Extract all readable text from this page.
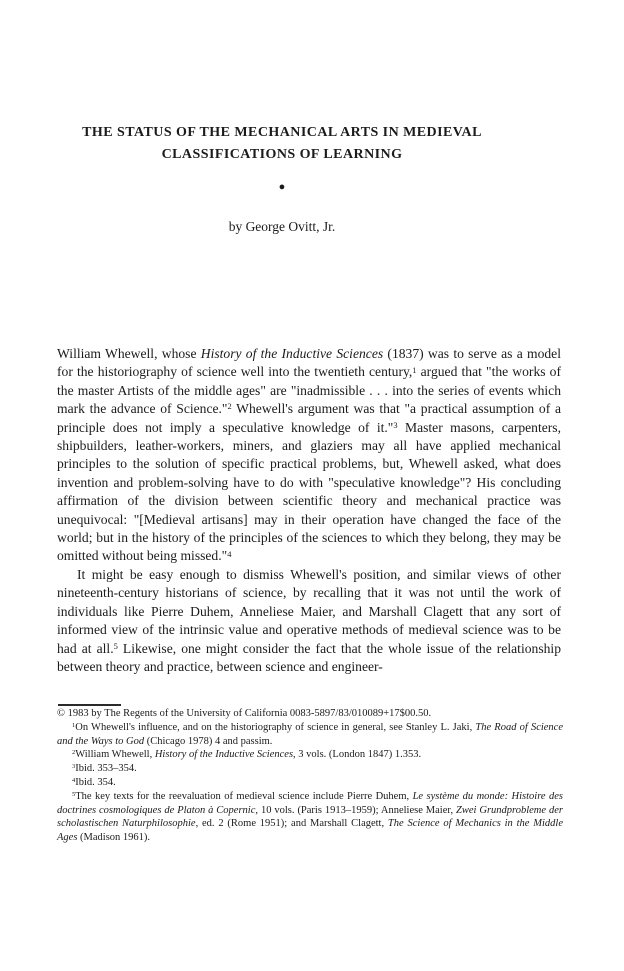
THE STATUS OF THE MECHANICAL ARTS IN MEDIEVAL
CLASSIFICATIONS OF LEARNING
●
by George Ovitt, Jr.

William Whewell, whose History of the Inductive Sciences (1837) was to serve as a model for the historiography of science well into the twentieth century,$^1$ argued that "the works of the master Artists of the middle ages" are "inadmissible . . . into the series of events which mark the advance of Science."$^2$ Whewell's argument was that "a practical assumption of a principle does not imply a speculative knowledge of it."$^3$ Master masons, carpenters, shipbuilders, leather-workers, miners, and glaziers may all have applied mechanical principles to the solution of specific practical problems, but, Whewell asked, what does invention and problem-solving have to do with "speculative knowledge"? His concluding affirmation of the division between scientific theory and mechanical practice was unequivocal: "[Medieval artisans] may in their operation have changed the face of the world; but in the history of the principles of the sciences to which they belong, they may be omitted without being missed."$^4$

It might be easy enough to dismiss Whewell's position, and similar views of other nineteenth-century historians of science, by recalling that it was not until the work of individuals like Pierre Duhem, Anneliese Maier, and Marshall Clagett that any sort of informed view of the intrinsic value and operative methods of medieval science was to be had at all.$^5$ Likewise, one might consider the fact that the whole issue of the relationship between theory and practice, between science and engineer-

© 1983 by The Regents of the University of California 0083-5897/83/010089+17$00.50.

$^1$On Whewell's influence, and on the historiography of science in general, see Stanley L. Jaki, The Road of Science and the Ways to God (Chicago 1978) 4 and passim.

$^2$William Whewell, History of the Inductive Sciences, 3 vols. (London 1847) 1.353.

$^3$Ibid. 353–354.

$^4$Ibid. 354.

$^5$The key texts for the reevaluation of medieval science include Pierre Duhem, Le système du monde: Histoire des doctrines cosmologiques de Platon à Copernic, 10 vols. (Paris 1913–1959); Anneliese Maier, Zwei Grundprobleme der scholastischen Naturphilosophie, ed. 2 (Rome 1951); and Marshall Clagett, The Science of Mechanics in the Middle Ages (Madison 1961).
